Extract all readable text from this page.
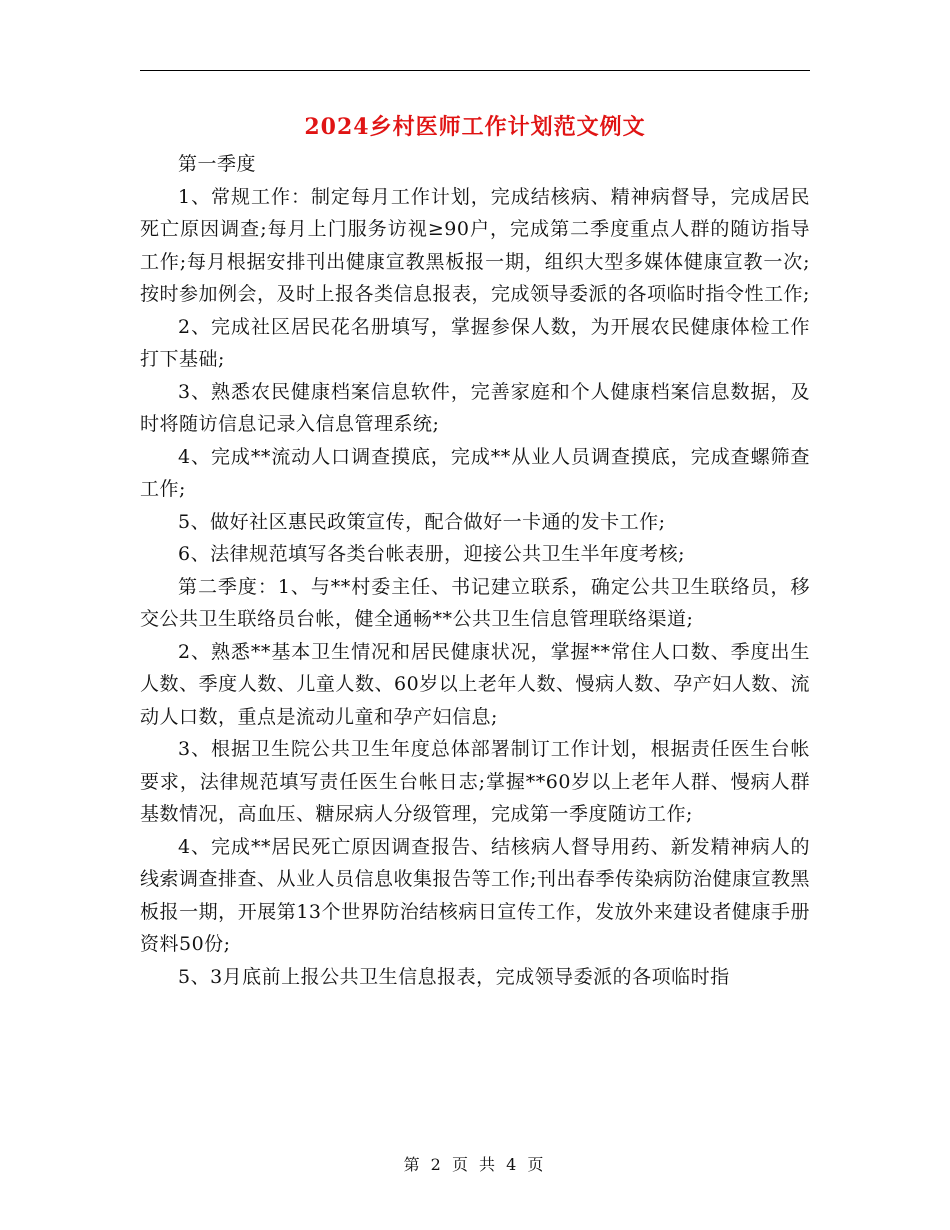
2024乡村医师工作计划范文例文

第一季度

1、常规工作：制定每月工作计划，完成结核病、精神病督导，完成居民死亡原因调查;每月上门服务访视≥90户，完成第二季度重点人群的随访指导工作;每月根据安排刊出健康宣教黑板报一期，组织大型多媒体健康宣教一次;按时参加例会，及时上报各类信息报表，完成领导委派的各项临时指令性工作;

2、完成社区居民花名册填写，掌握参保人数，为开展农民健康体检工作打下基础;

3、熟悉农民健康档案信息软件，完善家庭和个人健康档案信息数据，及时将随访信息记录入信息管理系统;

4、完成**流动人口调查摸底，完成**从业人员调查摸底，完成查螺筛查工作;

5、做好社区惠民政策宣传，配合做好一卡通的发卡工作;

6、法律规范填写各类台帐表册，迎接公共卫生半年度考核;

第二季度：1、与**村委主任、书记建立联系，确定公共卫生联络员，移交公共卫生联络员台帐，健全通畅**公共卫生信息管理联络渠道;

2、熟悉**基本卫生情况和居民健康状况，掌握**常住人口数、季度出生人数、季度人数、儿童人数、60岁以上老年人数、慢病人数、孕产妇人数、流动人口数，重点是流动儿童和孕产妇信息;

3、根据卫生院公共卫生年度总体部署制订工作计划，根据责任医生台帐要求，法律规范填写责任医生台帐日志;掌握**60岁以上老年人群、慢病人群基数情况，高血压、糖尿病人分级管理，完成第一季度随访工作;

4、完成**居民死亡原因调查报告、结核病人督导用药、新发精神病人的线索调查排查、从业人员信息收集报告等工作;刊出春季传染病防治健康宣教黑板报一期，开展第13个世界防治结核病日宣传工作，发放外来建设者健康手册资料50份;

5、3月底前上报公共卫生信息报表，完成领导委派的各项临时指

第 2 页 共 4 页
